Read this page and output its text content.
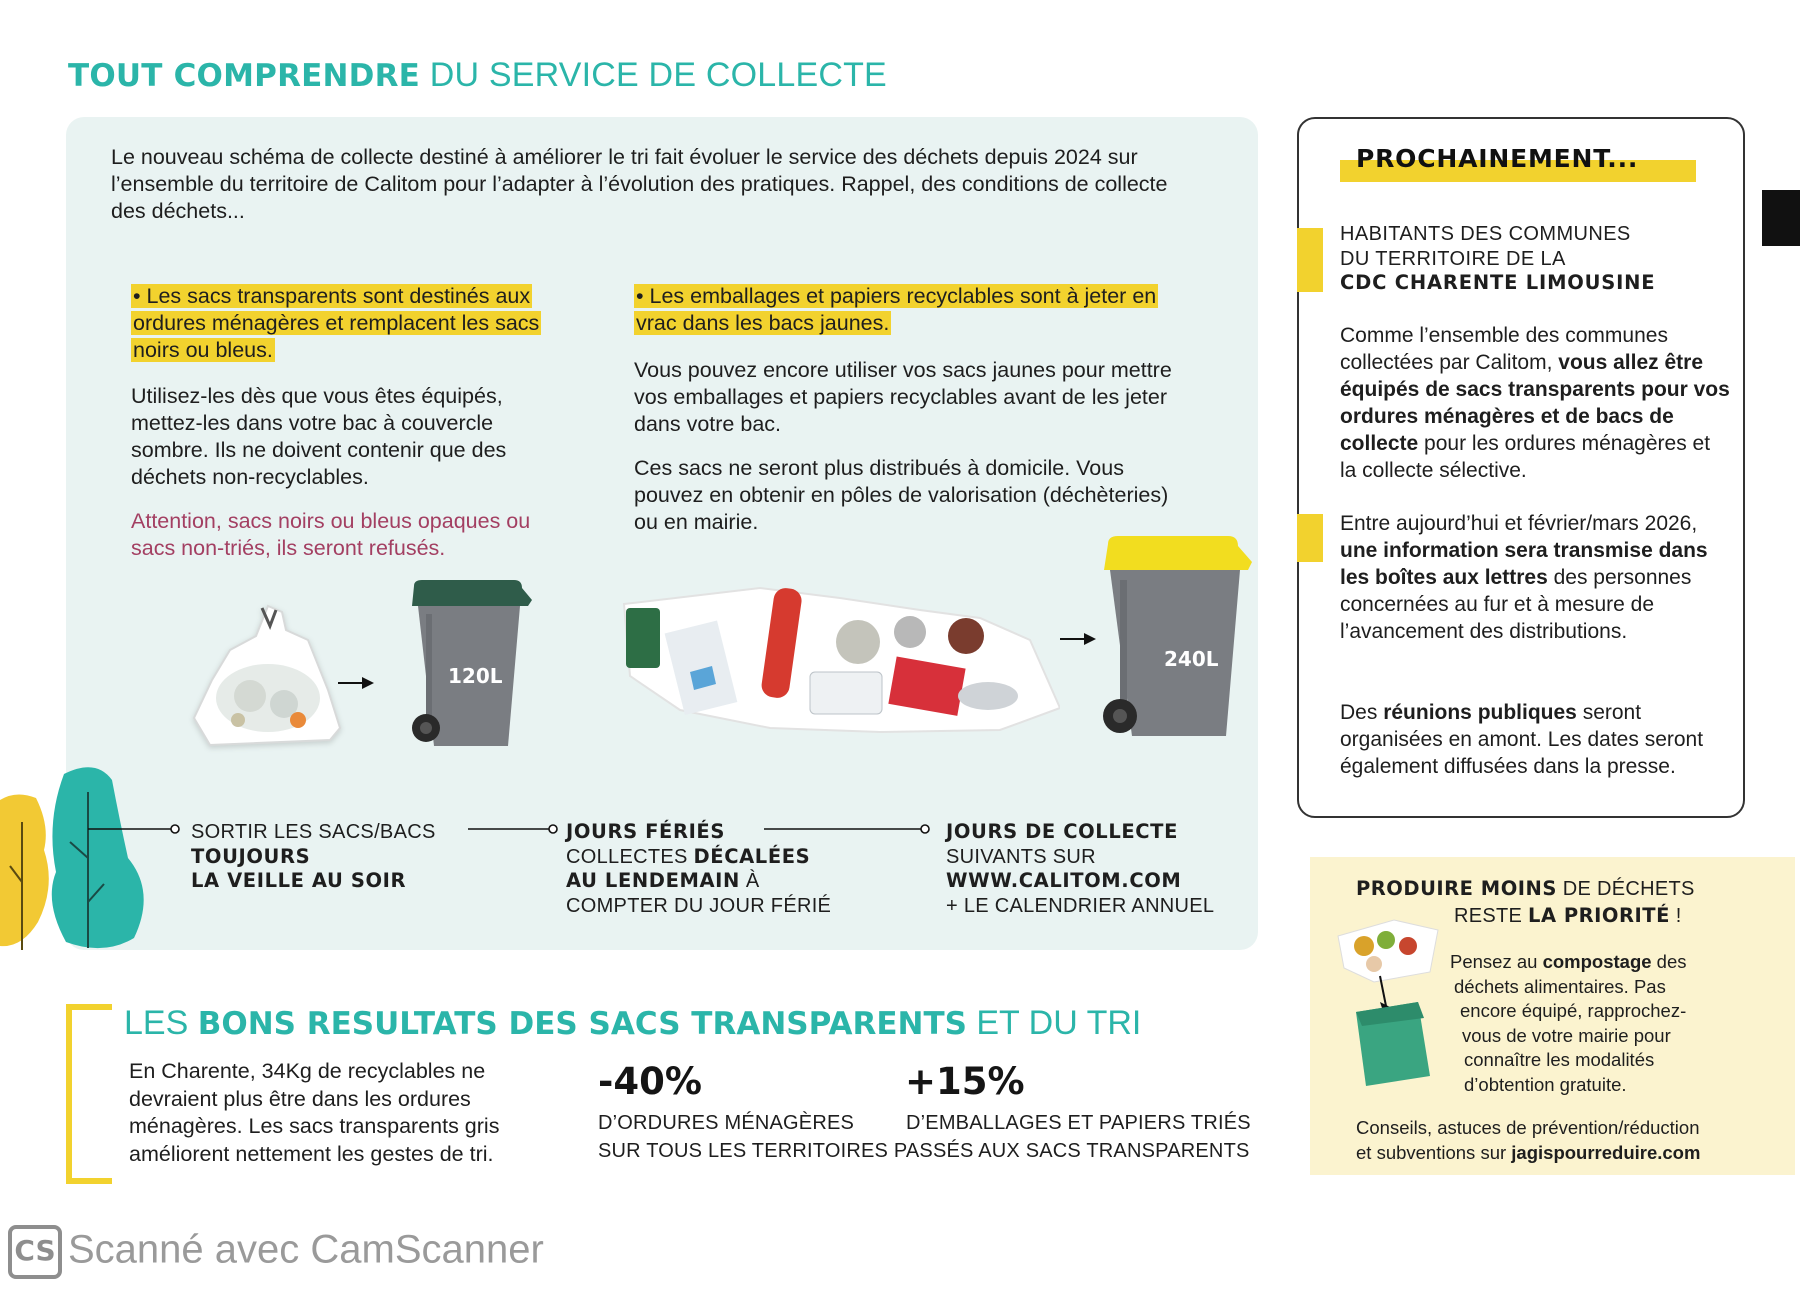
TOUT COMPRENDRE DU SERVICE DE COLLECTE
Le nouveau schéma de collecte destiné à améliorer le tri fait évoluer le service des déchets depuis 2024 sur l’ensemble du territoire de Calitom pour l’adapter à l’évolution des pratiques. Rappel, des conditions de collecte des déchets...
• Les sacs transparents sont destinés aux ordures ménagères et remplacent les sacs noirs ou bleus.
Utilisez-les dès que vous êtes équipés, mettez-les dans votre bac à couvercle sombre. Ils ne doivent contenir que des déchets non-recyclables.
Attention, sacs noirs ou bleus opaques ou sacs non-triés, ils seront refusés.
• Les emballages et papiers recyclables sont à jeter en vrac dans les bacs jaunes.
Vous pouvez encore utiliser vos sacs jaunes pour mettre vos emballages et papiers recyclables avant de les jeter dans votre bac.
Ces sacs ne seront plus distribués à domicile. Vous pouvez en obtenir en pôles de valorisation (déchèteries) ou en mairie.
120L
240L
SORTIR LES SACS/BACS
TOUJOURS
LA VEILLE AU SOIR
JOURS FÉRIÉS
COLLECTES DÉCALÉES
AU LENDEMAIN À
COMPTER DU JOUR FÉRIÉ
JOURS DE COLLECTE
SUIVANTS SUR
WWW.CALITOM.COM
+ LE CALENDRIER ANNUEL
PROCHAINEMENT...
HABITANTS DES COMMUNES
DU TERRITOIRE DE LA
CDC CHARENTE LIMOUSINE
Comme l’ensemble des communes collectées par Calitom, vous allez être équipés de sacs transparents pour vos ordures ménagères et de bacs de collecte pour les ordures ménagères et la collecte sélective.
Entre aujourd’hui et février/mars 2026, une information sera transmise dans les boîtes aux lettres des personnes concernées au fur et à mesure de l’avancement des distributions.
Des réunions publiques seront organisées en amont. Les dates seront également diffusées dans la presse.
PRODUIRE MOINS DE DÉCHETS
RESTE LA PRIORITÉ !
Pensez au compostage des
déchets alimentaires. Pas
encore équipé, rapprochez-
vous de votre mairie pour
connaître les modalités
d’obtention gratuite.
Conseils, astuces de prévention/réduction
et subventions sur jagispourreduire.com
LES BONS RESULTATS DES SACS TRANSPARENTS ET DU TRI
En Charente, 34Kg de recyclables ne devraient plus être dans les ordures ménagères. Les sacs transparents gris améliorent nettement les gestes de tri.
-40%	+15%
D’ORDURES MÉNAGÈRES	D’EMBALLAGES ET PAPIERS TRIÉS
SUR TOUS LES TERRITOIRES PASSÉS AUX SACS TRANSPARENTS
CS Scanné avec CamScanner
